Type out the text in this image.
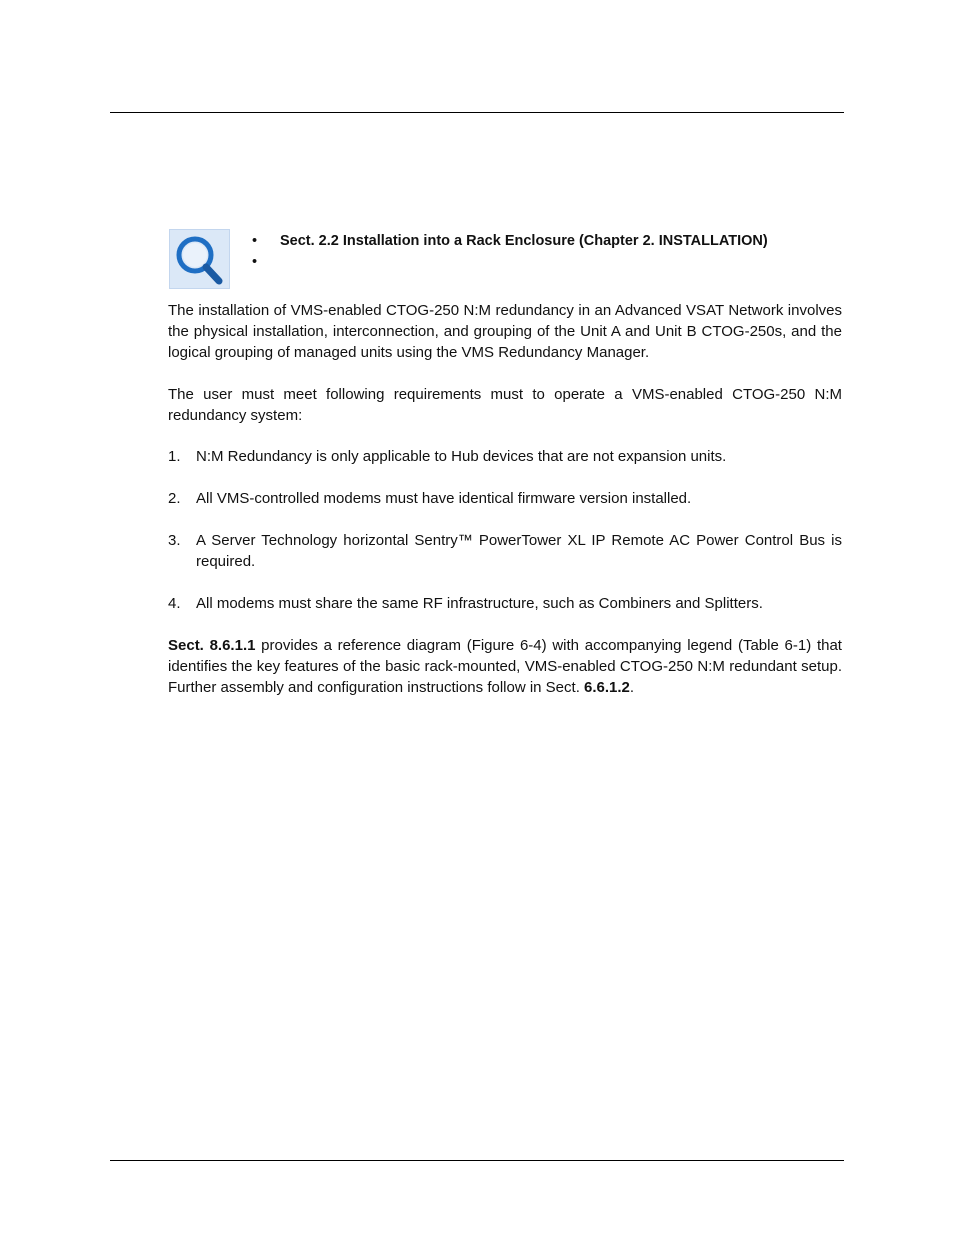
• Sect. 2.2 Installation into a Rack Enclosure (Chapter 2. INSTALLATION)
•

The installation of VMS-enabled CTOG-250 N:M redundancy in an Advanced VSAT Network involves the physical installation, interconnection, and grouping of the Unit A and Unit B CTOG-250s, and the logical grouping of managed units using the VMS Redundancy Manager.

The user must meet following requirements must to operate a VMS-enabled CTOG-250 N:M redundancy system:

1. N:M Redundancy is only applicable to Hub devices that are not expansion units.
2. All VMS-controlled modems must have identical firmware version installed.
3. A Server Technology horizontal Sentry™ PowerTower XL IP Remote AC Power Control Bus is required.
4. All modems must share the same RF infrastructure, such as Combiners and Splitters.

Sect. 8.6.1.1 provides a reference diagram (Figure 6-4) with accompanying legend (Table 6-1) that identifies the key features of the basic rack-mounted, VMS-enabled CTOG-250 N:M redundant setup. Further assembly and configuration instructions follow in Sect. 6.6.1.2.
